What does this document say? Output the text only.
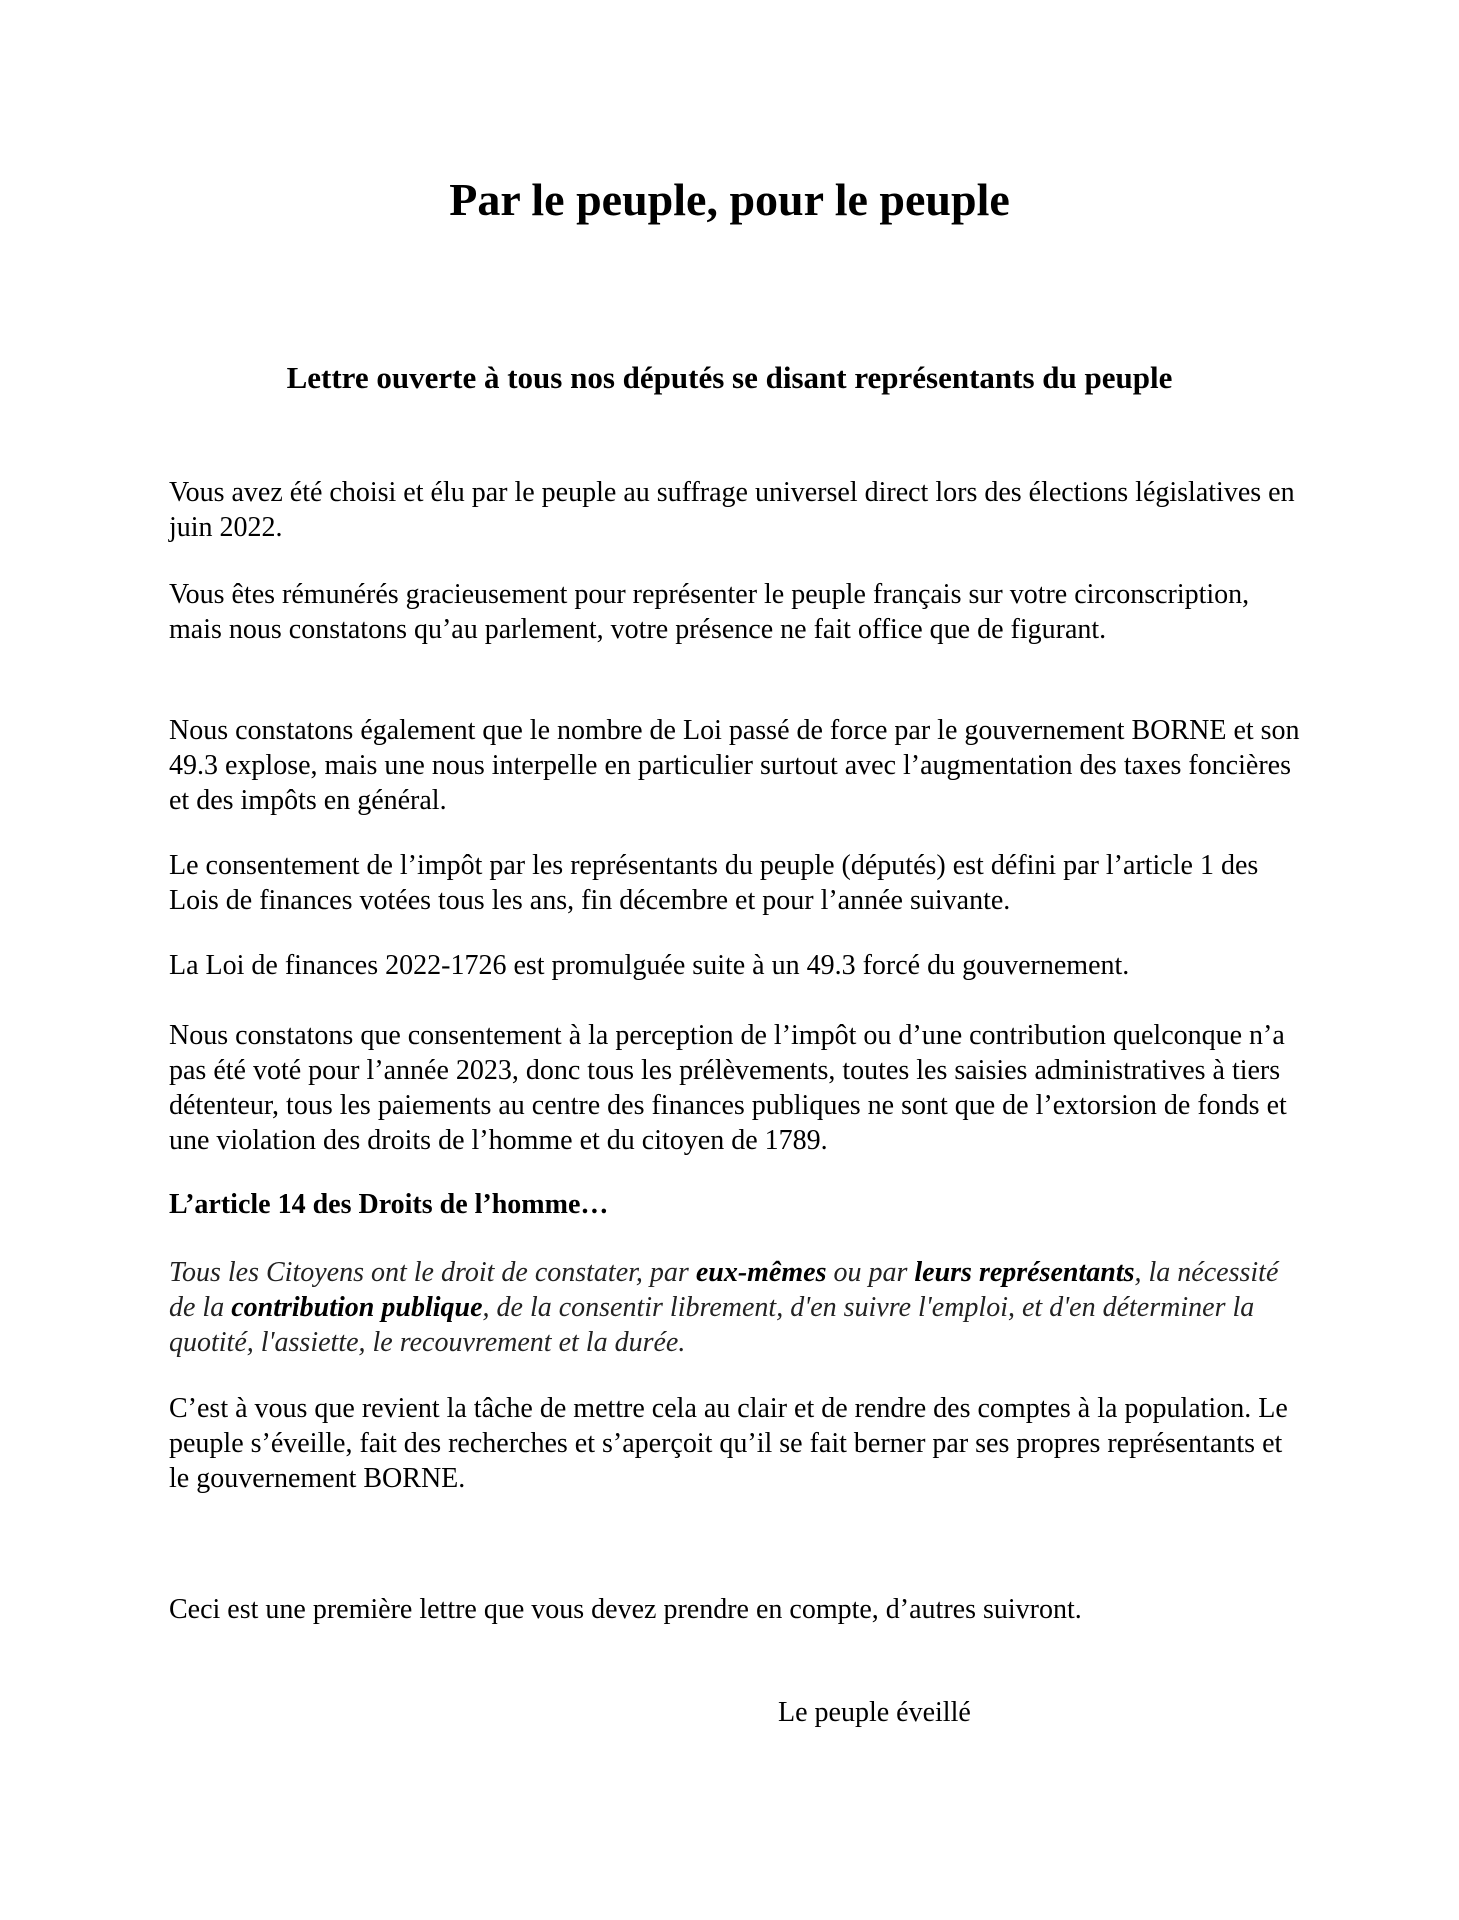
Par le peuple, pour le peuple
Lettre ouverte à tous nos députés se disant représentants du peuple

Vous avez été choisi et élu par le peuple au suffrage universel direct lors des élections législatives en juin 2022.

Vous êtes rémunérés gracieusement pour représenter le peuple français sur votre circonscription, mais nous constatons qu’au parlement, votre présence ne fait office que de figurant.

Nous constatons également que le nombre de Loi passé de force par le gouvernement BORNE et son 49.3 explose, mais une nous interpelle en particulier surtout avec l’augmentation des taxes foncières et des impôts en général.

Le consentement de l’impôt par les représentants du peuple (députés) est défini par l’article 1 des Lois de finances votées tous les ans, fin décembre et pour l’année suivante.

La Loi de finances 2022-1726 est promulguée suite à un 49.3 forcé du gouvernement.

Nous constatons que consentement à la perception de l’impôt ou d’une contribution quelconque n’a pas été voté pour l’année 2023, donc tous les prélèvements, toutes les saisies administratives à tiers détenteur, tous les paiements au centre des finances publiques ne sont que de l’extorsion de fonds et une violation des droits de l’homme et du citoyen de 1789.

L’article 14 des Droits de l’homme…

Tous les Citoyens ont le droit de constater, par eux-mêmes ou par leurs représentants, la nécessité de la contribution publique, de la consentir librement, d'en suivre l'emploi, et d'en déterminer la quotité, l'assiette, le recouvrement et la durée.

C’est à vous que revient la tâche de mettre cela au clair et de rendre des comptes à la population. Le peuple s’éveille, fait des recherches et s’aperçoit qu’il se fait berner par ses propres représentants et le gouvernement BORNE.

Ceci est une première lettre que vous devez prendre en compte, d’autres suivront.

Le peuple éveillé
